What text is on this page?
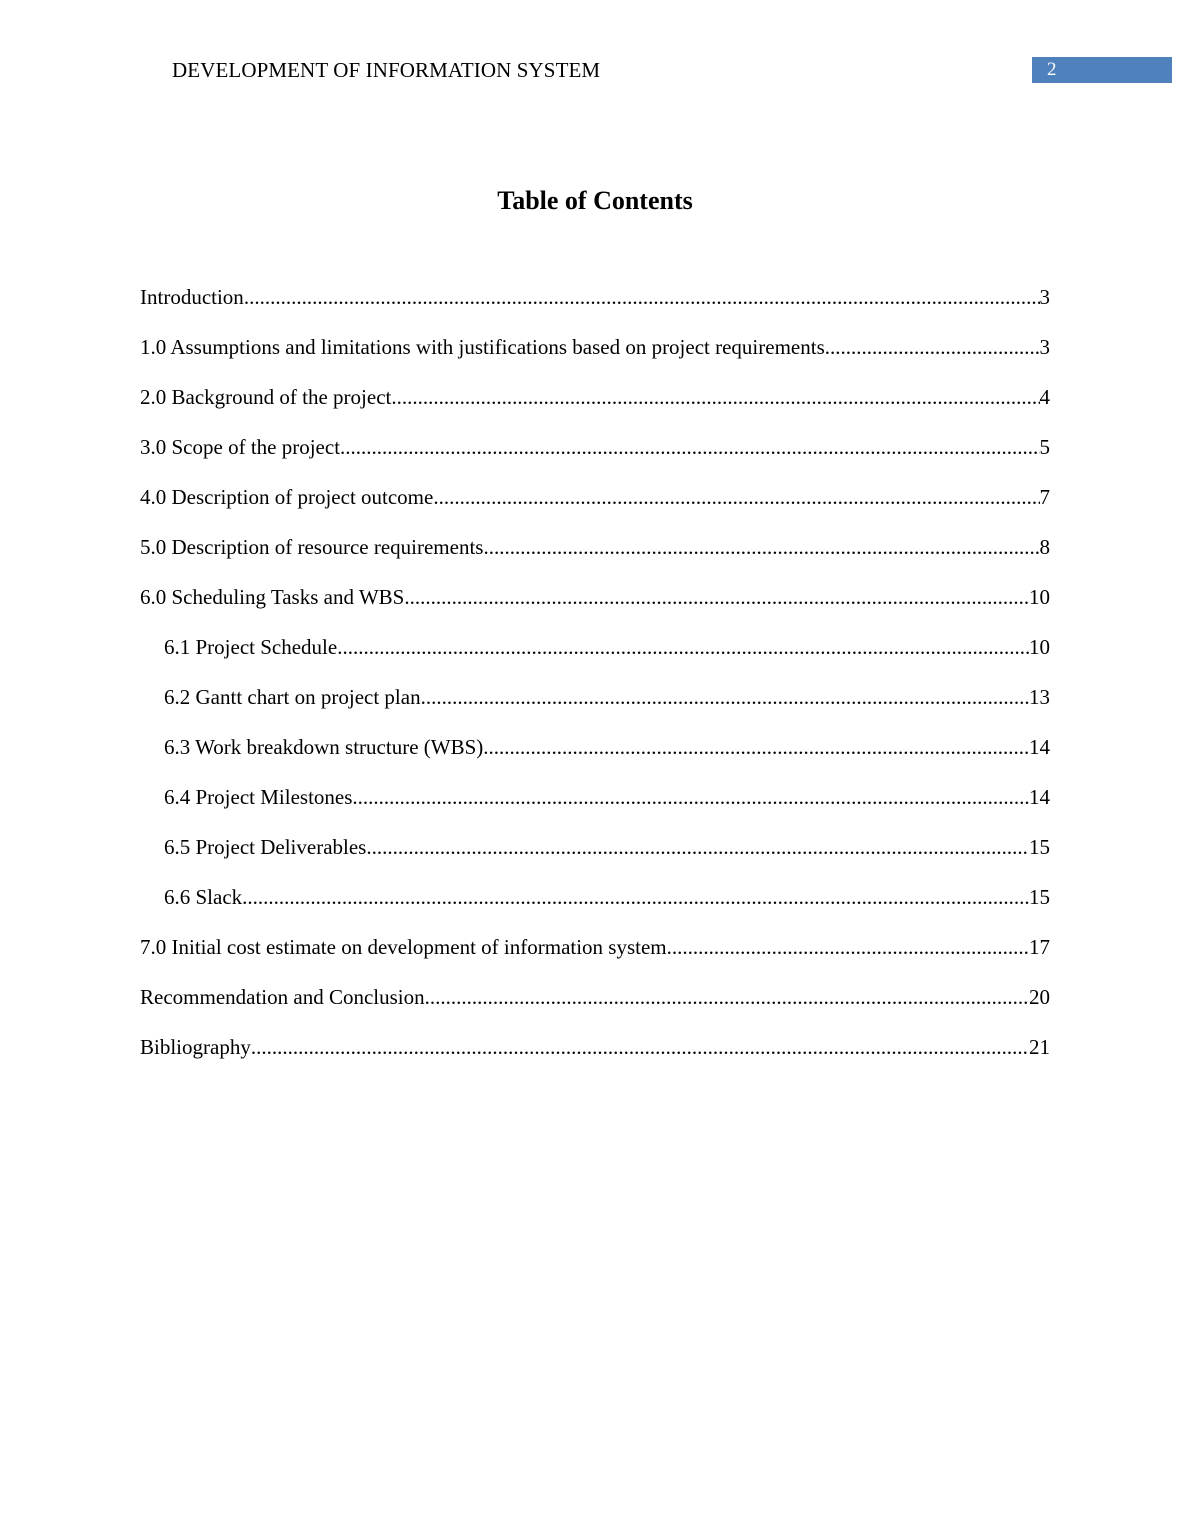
DEVELOPMENT OF INFORMATION SYSTEM	2
Table of Contents
Introduction .....	3
1.0 Assumptions and limitations with justifications based on project requirements .....	3
2.0 Background of the project .....	4
3.0 Scope of the project .....	5
4.0 Description of project outcome .....	7
5.0 Description of resource requirements .....	8
6.0 Scheduling Tasks and WBS .....	10
6.1 Project Schedule .....	10
6.2 Gantt chart on project plan .....	13
6.3 Work breakdown structure (WBS) .....	14
6.4 Project Milestones .....	14
6.5 Project Deliverables .....	15
6.6 Slack .....	15
7.0 Initial cost estimate on development of information system .....	17
Recommendation and Conclusion .....	20
Bibliography .....	21
